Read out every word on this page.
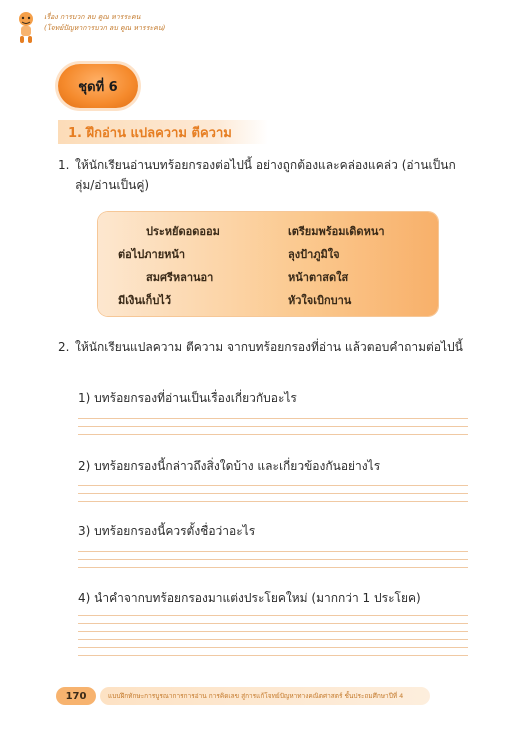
เรื่อง การบวก ลบ คูณ หารระคน
(โจทย์ปัญหาการบวก ลบ คูณ หารระคน)
ชุดที่ 6
1. ฝึกอ่าน แปลความ ตีความ
1. ให้นักเรียนอ่านบทร้อยกรองต่อไปนี้ อย่างถูกต้องและคล่องแคล่ว (อ่านเป็นกลุ่ม/อ่านเป็นคู่)
ประหยัดอดออม
ต่อไปภายหน้า
สมศรีหลานอา
มีเงินเก็บไว้
เตรียมพร้อมเดิดหนา
ลุงป้าภูมิใจ
หน้าตาสดใส
หัวใจเบิกบาน
2. ให้นักเรียนแปลความ ตีความ จากบทร้อยกรองที่อ่าน แล้วตอบคำถามต่อไปนี้
1) บทร้อยกรองที่อ่านเป็นเรื่องเกี่ยวกับอะไร
2) บทร้อยกรองนี้กล่าวถึงสิ่งใดบ้าง และเกี่ยวข้องกันอย่างไร
3) บทร้อยกรองนี้ควรตั้งชื่อว่าอะไร
4) นำคำจากบทร้อยกรองมาแต่งประโยคใหม่ (มากกว่า 1 ประโยค)
170	แบบฝึกทักษะการบูรณาการการอ่าน การคิดเลข สู่การแก้โจทย์ปัญหาทางคณิตศาสตร์ ชั้นประถมศึกษาปีที่ 4
